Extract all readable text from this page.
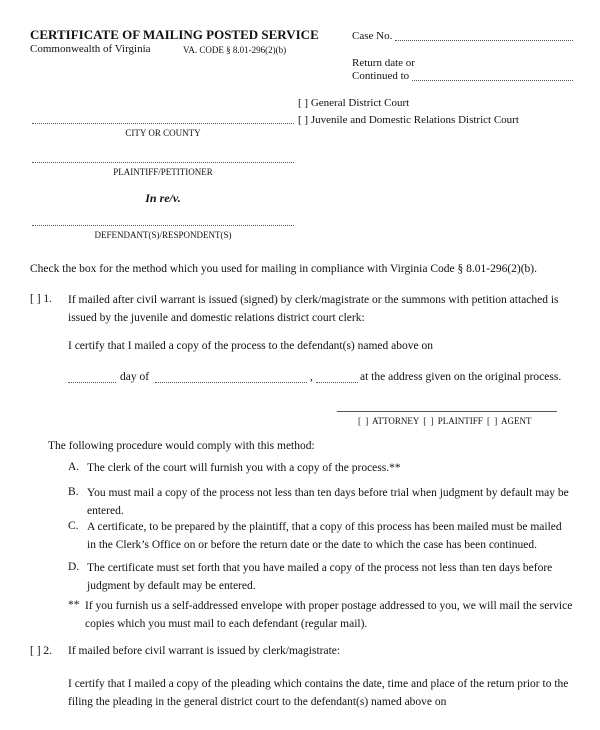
CERTIFICATE OF MAILING POSTED SERVICE
Commonwealth of Virginia	VA. CODE § 8.01-296(2)(b)
Case No.
Return date or
Continued to
[ ] General District Court
[ ] Juvenile and Domestic Relations District Court
CITY OR COUNTY
PLAINTIFF/PETITIONER
In re/v.
DEFENDANT(S)/RESPONDENT(S)
Check the box for the method which you used for mailing in compliance with Virginia Code § 8.01-296(2)(b).
[ ] 1. If mailed after civil warrant is issued (signed) by clerk/magistrate or the summons with petition attached is issued by the juvenile and domestic relations district court clerk:
I certify that I mailed a copy of the process to the defendant(s) named above on
day of	,	at the address given on the original process.
[ ] ATTORNEY [ ] PLAINTIFF [ ] AGENT
The following procedure would comply with this method:
A. The clerk of the court will furnish you with a copy of the process.**
B. You must mail a copy of the process not less than ten days before trial when judgment by default may be entered.
C. A certificate, to be prepared by the plaintiff, that a copy of this process has been mailed must be mailed in the Clerk’s Office on or before the return date or the date to which the case has been continued.
D. The certificate must set forth that you have mailed a copy of the process not less than ten days before judgment by default may be entered.
** If you furnish us a self-addressed envelope with proper postage addressed to you, we will mail the service copies which you must mail to each defendant (regular mail).
[ ] 2. If mailed before civil warrant is issued by clerk/magistrate:
I certify that I mailed a copy of the pleading which contains the date, time and place of the return prior to the filing the pleading in the general district court to the defendant(s) named above on
